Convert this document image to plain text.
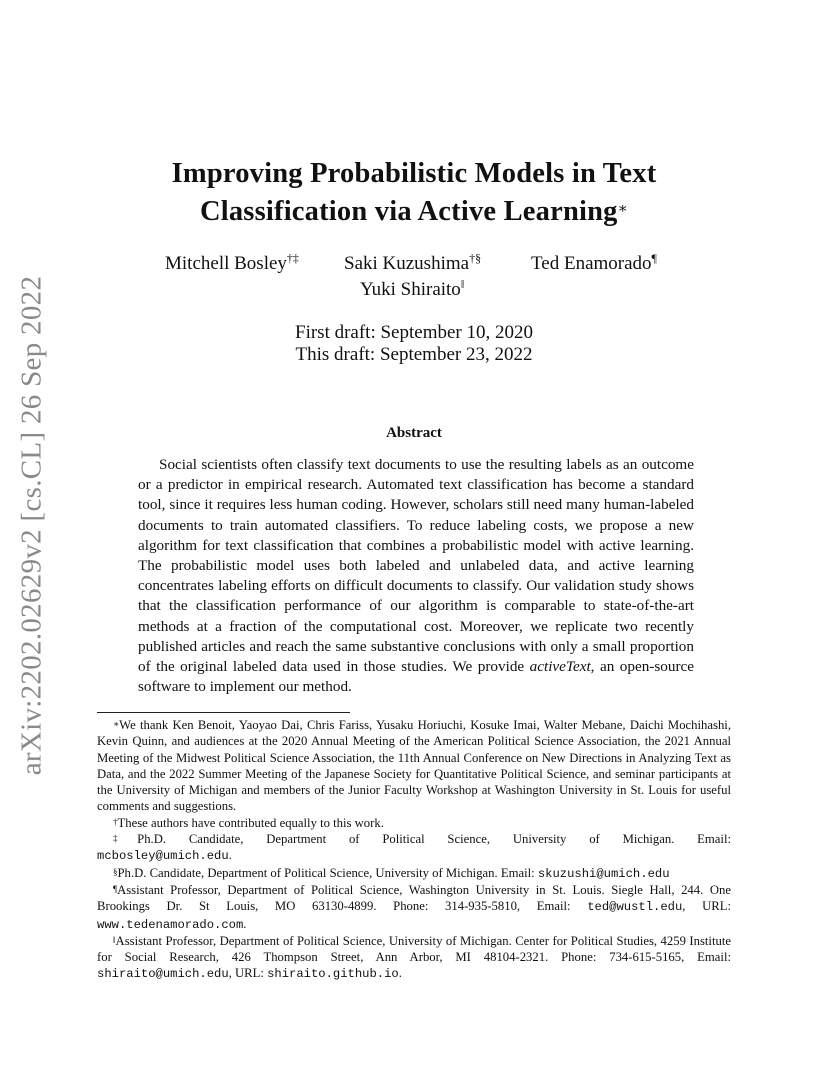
arXiv:2202.02629v2 [cs.CL] 26 Sep 2022
Improving Probabilistic Models in Text
Classification via Active Learning∗
Mitchell Bosley†‡ Saki Kuzushima†§	Ted Enamorado¶
Yuki Shiraito‖
First draft: September 10, 2020
This draft: September 23, 2022
Abstract
Social scientists often classify text documents to use the resulting labels as an outcome or a predictor in empirical research. Automated text classification has become a standard tool, since it requires less human coding. However, scholars still need many human-labeled documents to train automated classifiers. To reduce labeling costs, we propose a new algorithm for text classification that combines a probabilistic model with active learning. The probabilistic model uses both labeled and unlabeled data, and active learning concentrates labeling efforts on difficult documents to classify. Our validation study shows that the classification performance of our algorithm is comparable to state-of-the-art methods at a fraction of the computational cost. Moreover, we replicate two recently published articles and reach the same substantive conclusions with only a small proportion of the original labeled data used in those studies. We provide activeText, an open-source software to implement our method.

∗We thank Ken Benoit, Yaoyao Dai, Chris Fariss, Yusaku Horiuchi, Kosuke Imai, Walter Mebane, Daichi Mochihashi, Kevin Quinn, and audiences at the 2020 Annual Meeting of the American Political Science Association, the 2021 Annual Meeting of the Midwest Political Science Association, the 11th Annual Conference on New Directions in Analyzing Text as Data, and the 2022 Summer Meeting of the Japanese Society for Quantitative Political Science, and seminar participants at the University of Michigan and members of the Junior Faculty Workshop at Washington University in St. Louis for useful comments and suggestions.

†These authors have contributed equally to this work.

‡Ph.D. Candidate, Department of Political Science, University of Michigan. Email:

mcbosley@umich.edu.

§Ph.D. Candidate, Department of Political Science, University of Michigan. Email: skuzushi@umich.edu

¶Assistant Professor, Department of Political Science, Washington University in St. Louis. Siegle Hall, 244. One Brookings Dr. St Louis, MO 63130-4899. Phone: 314-935-5810, Email: ted@wustl.edu, URL: www.tedenamorado.com.

‖Assistant Professor, Department of Political Science, University of Michigan. Center for Political Studies, 4259 Institute for Social Research, 426 Thompson Street, Ann Arbor, MI 48104-2321. Phone: 734-615-5165, Email: shiraito@umich.edu, URL: shiraito.github.io.
